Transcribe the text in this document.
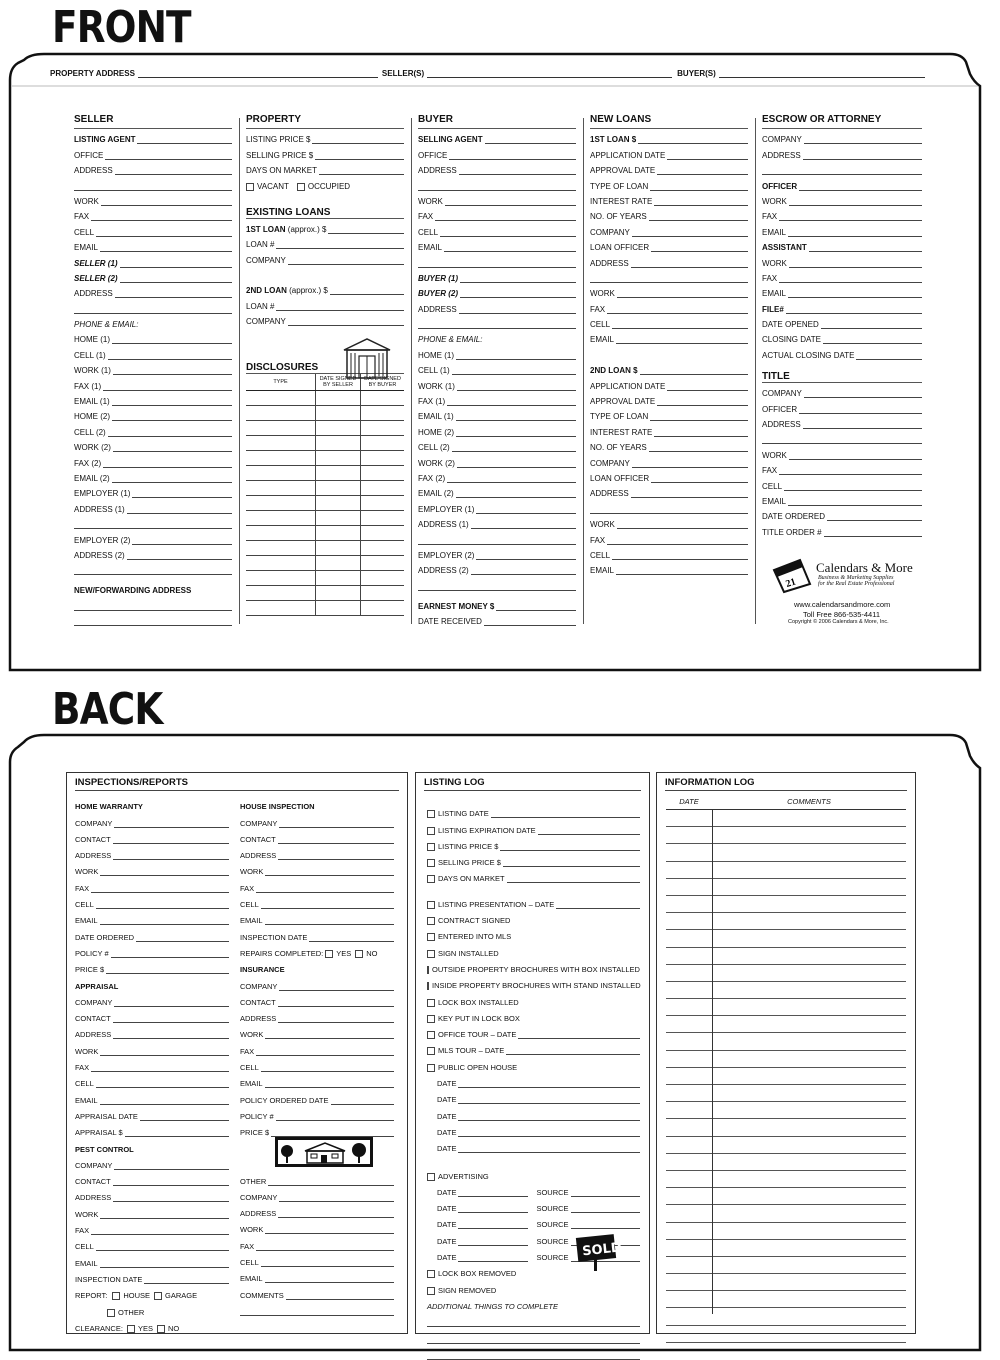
FRONT
BACK
PROPERTY ADDRESS	SELLER(S)	BUYER(S)
SELLER
LISTING AGENT
OFFICE
ADDRESS
WORK
FAX
CELL
EMAIL
SELLER (1)
SELLER (2)
ADDRESS
PHONE & EMAIL:
HOME (1)
CELL (1)
WORK (1)
FAX (1)
EMAIL (1)
HOME (2)
CELL (2)
WORK (2)
FAX (2)
EMAIL (2)
EMPLOYER (1)
ADDRESS (1)
EMPLOYER (2)
ADDRESS (2)
NEW/FORWARDING ADDRESS
PROPERTY
LISTING PRICE $
SELLING PRICE $
DAYS ON MARKET
VACANT OCCUPIED
EXISTING LOANS
1ST LOAN (approx.) $
LOAN #
COMPANY
2ND LOAN (approx.) $
LOAN #
COMPANY
DISCLOSURES
TYPE	DATE SIGNED BY SELLER	DATE SIGNED BY BUYER

BUYER
SELLING AGENT
OFFICE
ADDRESS
WORK
FAX
CELL
EMAIL
BUYER (1)
BUYER (2)
ADDRESS
PHONE & EMAIL:
HOME (1)
CELL (1)
WORK (1)
FAX (1)
EMAIL (1)
HOME (2)
CELL (2)
WORK (2)
FAX (2)
EMAIL (2)
EMPLOYER (1)
ADDRESS (1)
EMPLOYER (2)
ADDRESS (2)
EARNEST MONEY $
DATE RECEIVED
NEW LOANS
1ST LOAN $
APPLICATION DATE
APPROVAL DATE
TYPE OF LOAN
INTEREST RATE
NO. OF YEARS
COMPANY
LOAN OFFICER
ADDRESS
WORK
FAX
CELL
EMAIL
2ND LOAN $
APPLICATION DATE
APPROVAL DATE
TYPE OF LOAN
INTEREST RATE
NO. OF YEARS
COMPANY
LOAN OFFICER
ADDRESS
WORK
FAX
CELL
EMAIL
ESCROW OR ATTORNEY
COMPANY
ADDRESS
OFFICER
WORK
FAX
EMAIL
ASSISTANT
WORK
FAX
EMAIL
FILE#
DATE OPENED
CLOSING DATE
ACTUAL CLOSING DATE
TITLE
COMPANY
OFFICER
ADDRESS
WORK
FAX
CELL
EMAIL
DATE ORDERED
TITLE ORDER #
21
Calendars & More
Business & Marketing Supplies
for the Real Estate Professional
www.calendarsandmore.com
Toll Free 866-535-4411
Copyright © 2006 Calendars & More, Inc.
INSPECTIONS/REPORTS
HOME WARRANTY
COMPANY
CONTACT
ADDRESS
WORK
FAX
CELL
EMAIL
DATE ORDERED
POLICY #
PRICE $
APPRAISAL
COMPANY
CONTACT
ADDRESS
WORK
FAX
CELL
EMAIL
APPRAISAL DATE
APPRAISAL $
PEST CONTROL
COMPANY
CONTACT
ADDRESS
WORK
FAX
CELL
EMAIL
INSPECTION DATE
REPORT: HOUSE GARAGE
OTHER
CLEARANCE: YES NO
HOUSE INSPECTION
COMPANY
CONTACT
ADDRESS
WORK
FAX
CELL
EMAIL
INSPECTION DATE
REPAIRS COMPLETED: YES NO
INSURANCE
COMPANY
CONTACT
ADDRESS
WORK
FAX
CELL
EMAIL
POLICY ORDERED DATE
POLICY #
PRICE $
OTHER
COMPANY
ADDRESS
WORK
FAX
CELL
EMAIL
COMMENTS
LISTING LOG
LISTING DATE
LISTING EXPIRATION DATE
LISTING PRICE $
SELLING PRICE $
DAYS ON MARKET
LISTING PRESENTATION – DATE
CONTRACT SIGNED
ENTERED INTO MLS
SIGN INSTALLED
OUTSIDE PROPERTY BROCHURES WITH BOX INSTALLED
INSIDE PROPERTY BROCHURES WITH STAND INSTALLED
LOCK BOX INSTALLED
KEY PUT IN LOCK BOX
OFFICE TOUR – DATE
MLS TOUR – DATE
PUBLIC OPEN HOUSE
DATE
DATE
DATE
DATE
DATE
ADVERTISING
DATE	SOURCE
DATE	SOURCE
DATE	SOURCE
DATE	SOURCE
DATE	SOURCE
LOCK BOX REMOVED
SIGN REMOVED
ADDITIONAL THINGS TO COMPLETE
SOLD
INFORMATION LOG
DATE	COMMENTS
